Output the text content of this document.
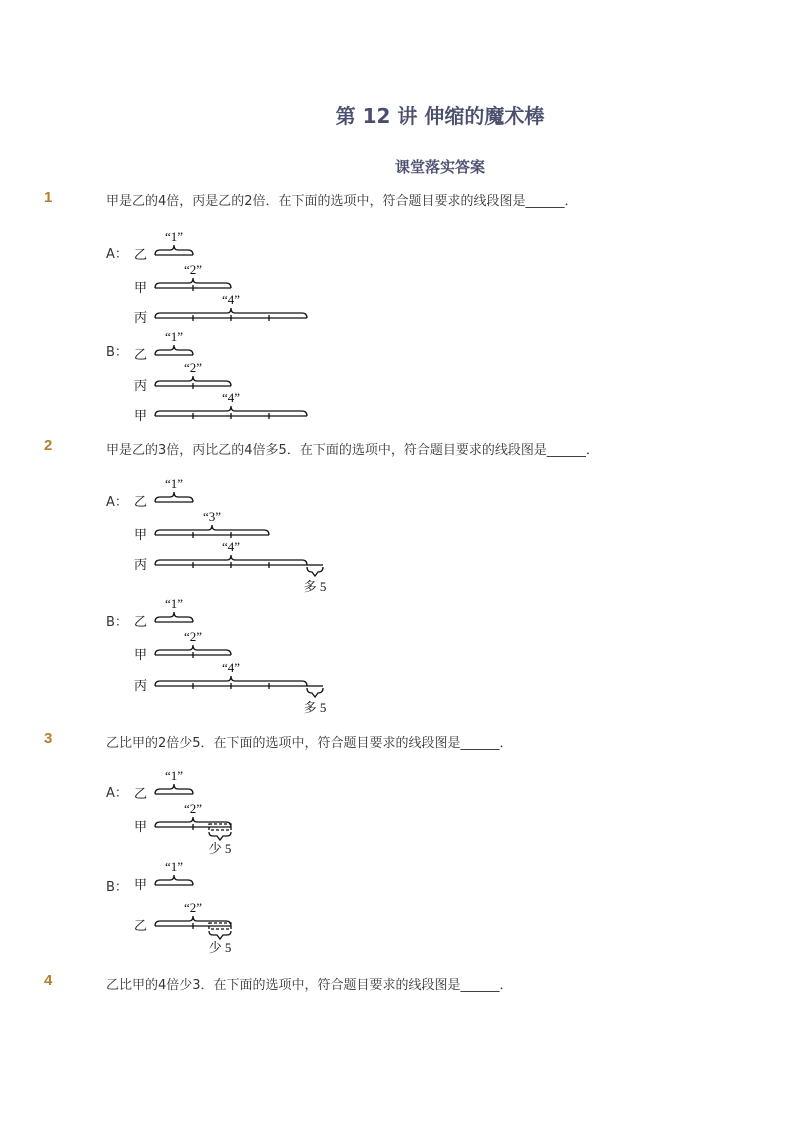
第 12 讲 伸缩的魔术棒
课堂落实答案
1	甲是乙的4倍，丙是乙的2倍．在下面的选项中，符合题目要求的线段图是______．
A：
B：
2	甲是乙的3倍，丙比乙的4倍多5．在下面的选项中，符合题目要求的线段图是______．
A：
B：
3	乙比甲的2倍少5．在下面的选项中，符合题目要求的线段图是______．
A：
B：
4	乙比甲的4倍少3．在下面的选项中，符合题目要求的线段图是______．
乙
“1”
甲
“2”
丙
“4”
乙
“1”
丙
“2”
甲
“4”
乙
“1”
甲
“3”
丙
“4”
多 5
乙
“1”
甲
“2”
丙
“4”
多 5
乙
“1”
甲
“2”
少 5
甲
“1”
乙
“2”
少 5
